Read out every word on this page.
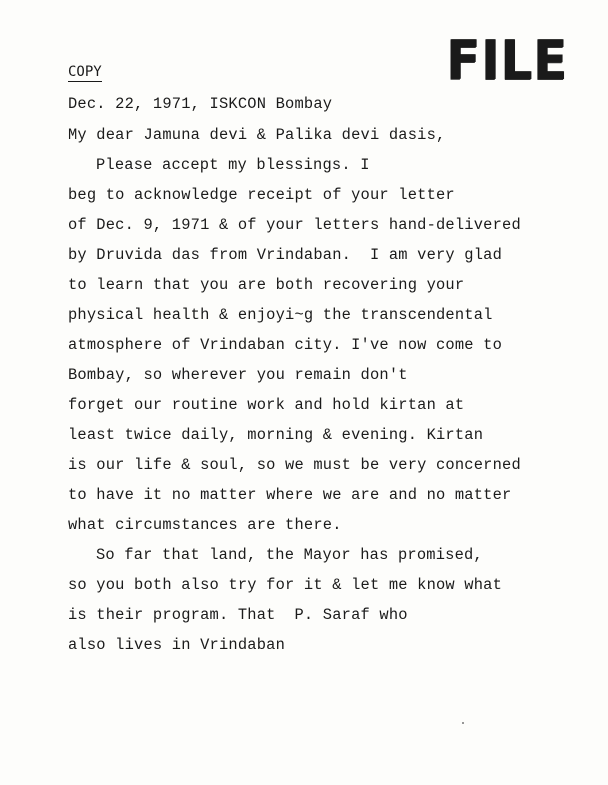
COPY	FILE
Dec. 22, 1971, ISKCON Bombay
My dear Jamuna devi & Palika devi dasis,
Please accept my blessings. I
beg to acknowledge receipt of your letter
of Dec. 9, 1971 & of your letters hand-delivered
by Druvida das from Vrindaban.  I am very glad
to learn that you are both recovering your
physical health & enjoyi~g the transcendental
atmosphere of Vrindaban city. I've now come to
Bombay, so wherever you remain don't
forget our routine work and hold kirtan at
least twice daily, morning & evening. Kirtan
is our life & soul, so we must be very concerned
to have it no matter where we are and no matter
what circumstances are there.
So far that land, the Mayor has promised,
so you both also try for it & let me know what
is their program. That  P. Saraf who
also lives in Vrindaban
